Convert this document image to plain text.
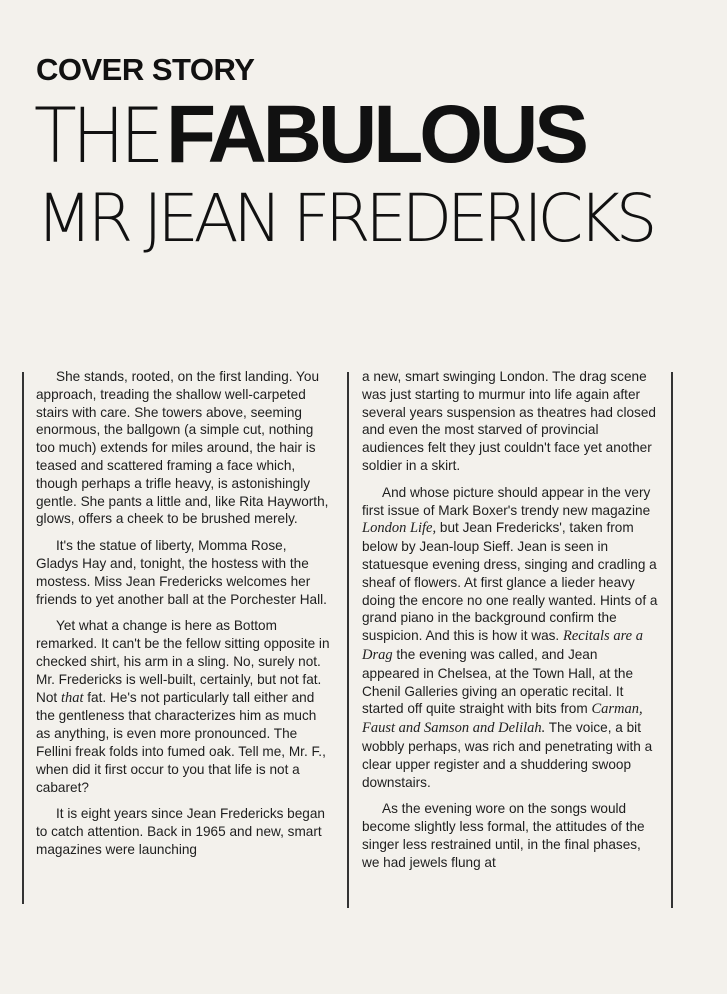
COVER STORY
THE FABULOUS
MR JEAN FREDERICKS

She stands, rooted, on the first landing. You approach, treading the shallow well-carpeted stairs with care. She towers above, seeming enormous, the ballgown (a simple cut, nothing too much) extends for miles around, the hair is teased and scattered framing a face which, though perhaps a trifle heavy, is astonishingly gentle. She pants a little and, like Rita Hayworth, glows, offers a cheek to be brushed merely.

It's the statue of liberty, Momma Rose, Gladys Hay and, tonight, the hostess with the mostess. Miss Jean Fredericks welcomes her friends to yet another ball at the Porchester Hall.

Yet what a change is here as Bottom remarked. It can't be the fellow sitting opposite in checked shirt, his arm in a sling. No, surely not. Mr. Fredericks is well-built, certainly, but not fat. Not that fat. He's not particularly tall either and the gentleness that characterizes him as much as anything, is even more pronounced. The Fellini freak folds into fumed oak. Tell me, Mr. F., when did it first occur to you that life is not a cabaret?

It is eight years since Jean Fredericks began to catch attention. Back in 1965 and new, smart magazines were launching

a new, smart swinging London. The drag scene was just starting to murmur into life again after several years suspension as theatres had closed and even the most starved of provincial audiences felt they just couldn't face yet another soldier in a skirt.

And whose picture should appear in the very first issue of Mark Boxer's trendy new magazine London Life, but Jean Fredericks', taken from below by Jean-loup Sieff. Jean is seen in statuesque evening dress, singing and cradling a sheaf of flowers. At first glance a lieder heavy doing the encore no one really wanted. Hints of a grand piano in the background confirm the suspicion. And this is how it was. Recitals are a Drag the evening was called, and Jean appeared in Chelsea, at the Town Hall, at the Chenil Galleries giving an operatic recital. It started off quite straight with bits from Carman, Faust and Samson and Delilah. The voice, a bit wobbly perhaps, was rich and penetrating with a clear upper register and a shuddering swoop downstairs.

As the evening wore on the songs would become slightly less formal, the attitudes of the singer less restrained until, in the final phases, we had jewels flung at
